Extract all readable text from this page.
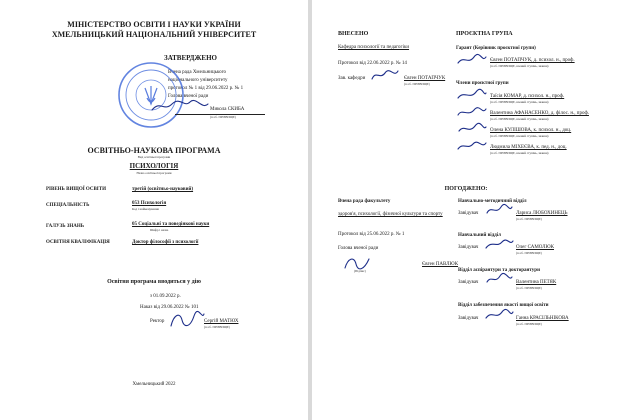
МІНІСТЕРСТВО ОСВІТИ І НАУКИ УКРАЇНИ
ХМЕЛЬНИЦЬКИЙ НАЦІОНАЛЬНИЙ УНІВЕРСИТЕТ
ЗАТВЕРДЖЕНО
Вчена рада Хмельницького
національного університету
протокол № 1 від 29.06.2022 р. № 1
Голова вченої ради
Микола СКИБА
(п.і.б. ПРІЗВИЩЕ)
ОСВІТНЬО-НАУКОВА ПРОГРАМА
Вид освітньої програми
ПСИХОЛОГІЯ
Назва освітньої програми
РІВЕНЬ ВИЩОЇ ОСВІТИ	третій (освітньо-науковий)
СПЕЦІАЛЬНІСТЬ	053 Психологія
Код і найменування
ГАЛУЗЬ ЗНАНЬ	05 Соціальні та поведінкові науки
Шифр і назва
ОСВІТНЯ КВАЛІФІКАЦІЯ	Доктор філософії з психології
Освітня програма вводиться у дію
з 01.09.2022 р.
Наказ від 29.06.2022 № 101
Ректор	Сергій МАТЮХ
(п.і.б. ПРІЗВИЩЕ)
Хмельницький 2022
ВНЕСЕНО
Кафедра психології та педагогіки
Протокол від 22.06.2022 р. № 14
Зав. кафедри	Євген ПОТАПЧУК
(п.і.б. ПРІЗВИЩЕ)
ПРОЄКТНА ГРУПА
Гарант (Керівник проєктної групи)
Євген ПОТАПЧУК, д. психол. н., проф.
(п.і.б. ПРІЗВИЩЕ, вчений ступінь, звання)
Члени проєктної групи
Таїсія КОМАР, д. психол. н., проф.
(п.і.б. ПРІЗВИЩЕ, вчений ступінь, звання)
Валентина АФАНАСЕНКО, д. філос. н., проф.
(п.і.б. ПРІЗВИЩЕ, вчений ступінь, звання)
Олена КУЛІШОВА, к. психол. н., доц.
(п.і.б. ПРІЗВИЩЕ, вчений ступінь, звання)
Людмила МІХЕЄВА, к. пед. н., доц.
(п.і.б. ПРІЗВИЩЕ, вчений ступінь, звання)
ПОГОДЖЕНО:
Вчена рада факультету
здоров'я, психології, фізичної культури та спорту
Протокол від 25.06.2022 р. № 1
Голова вченої ради
Євген ПАВЛЮК
(Підпис)
Навчально-методичний відділ
Завідувач	Лариса ЛЮБОХИНЕЦЬ
(п.і.б. ПРІЗВИЩЕ)
Навчальний відділ
Завідувач	Олег САМОЛЮК
(п.і.б. ПРІЗВИЩЕ)
Відділ аспірантури та докторантури
Завідувач	Валентина ПЕТЯК
(п.і.б. ПРІЗВИЩЕ)
Відділ забезпечення якості вищої освіти
Завідувач	Ганна КРАСІЛЬНІКОВА
(п.і.б. ПРІЗВИЩЕ)
